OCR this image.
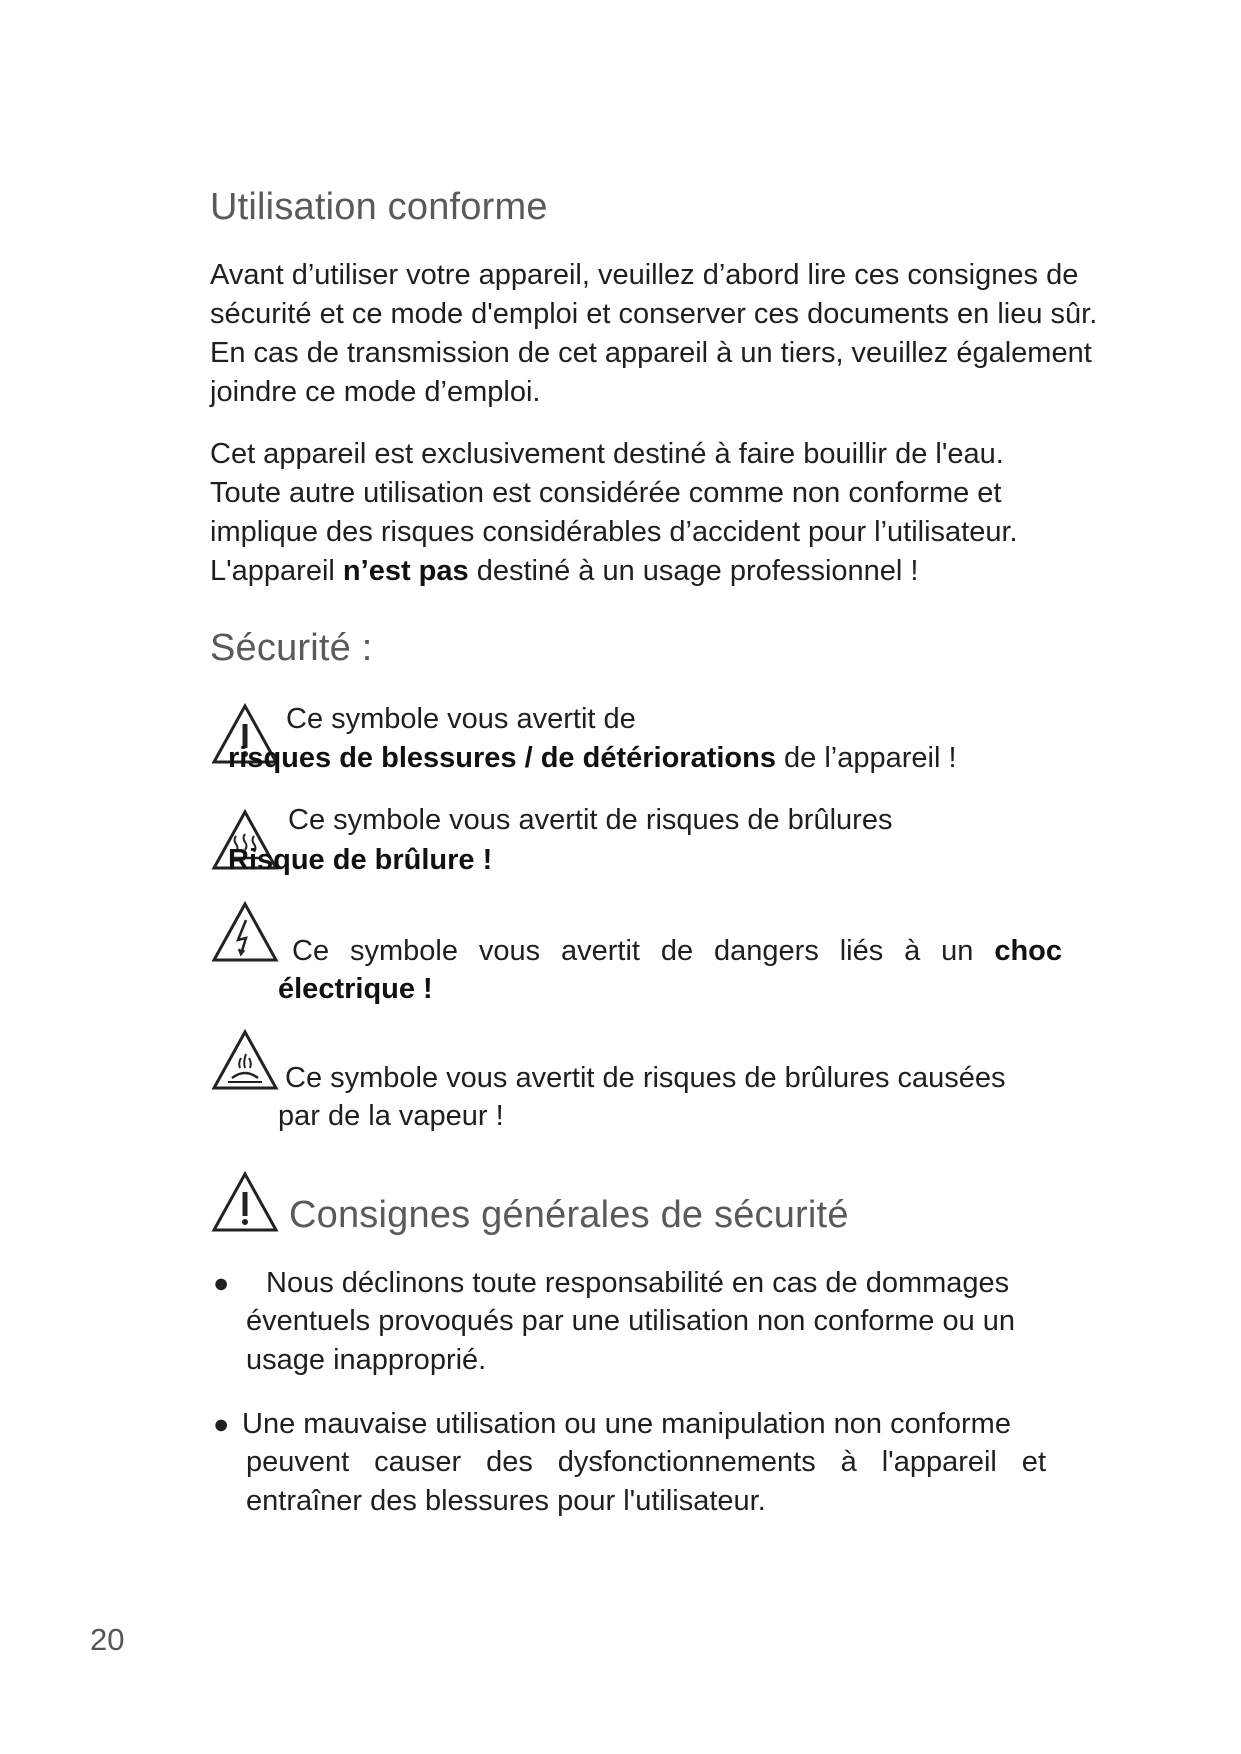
Utilisation conforme

Avant d’utiliser votre appareil, veuillez d’abord lire ces consignes de sécurité et ce mode d'emploi et conserver ces documents en lieu sûr. En cas de transmission de cet appareil à un tiers, veuillez également joindre ce mode d’emploi.

Cet appareil est exclusivement destiné à faire bouillir de l'eau.

Toute autre utilisation est considérée comme non conforme et

implique des risques considérables d’accident pour l’utilisateur.

L'appareil n’est pas destiné à un usage professionnel !

Sécurité :

Ce symbole vous avertit de

risques de blessures / de détériorations de l’appareil !

Ce symbole vous avertit de risques de brûlures

Risque de brûlure !

Ce symbole vous avertit de dangers liés à un choc

électrique !

Ce symbole vous avertit de risques de brûlures causées

par de la vapeur !

Consignes générales de sécurité
● Nous déclinons toute responsabilité en cas de dommages

éventuels provoqués par une utilisation non conforme ou un

usage inapproprié.

● Une mauvaise utilisation ou une manipulation non conforme

peuvent causer des dysfonctionnements à l'appareil et

entraîner des blessures pour l'utilisateur.

20
